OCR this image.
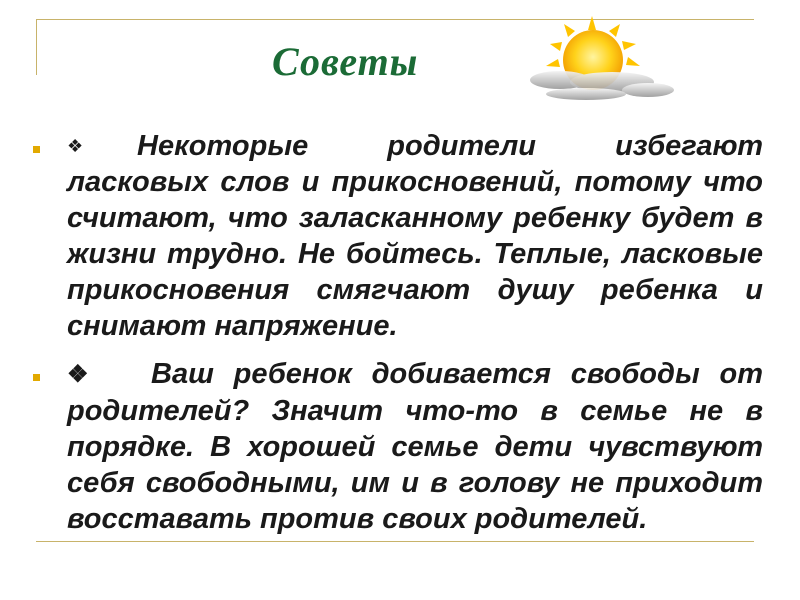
Советы
❖ Некоторые родители избегают ласковых слов и прикосновений, потому что считают, что заласканному ребенку будет в жизни трудно. Не бойтесь. Теплые, ласковые прикосновения смягчают душу ребенка и снимают напряжение.
❖ Ваш ребенок добивается свободы от родителей? Значит что-то в семье не в порядке. В хорошей семье дети чувствуют себя свободными, им и в голову не приходит восставать против своих родителей.
